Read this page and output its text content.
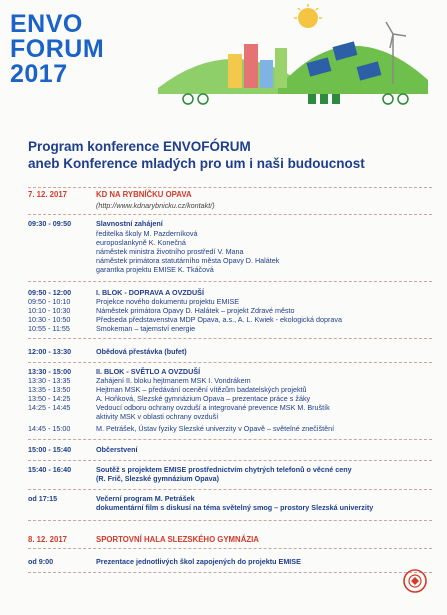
ENVO
FORUM
2017
Program konference ENVOFÓRUM
aneb Konference mladých pro um i naši budoucnost
7. 12. 2017	KD NA RYBNÍČKU OPAVA
(http://www.kdnarybnicku.cz/kontakt/)
09:30 - 09:50	Slavnostní zahájení
ředitelka školy M. Pazderníková
europoslankyně K. Konečná
náměstek ministra životního prostředí V. Mana
náměstek primátora statutárního města Opavy D. Halátek
garantka projektu EMISE K. Tkáčová
09:50 - 12:00	I. BLOK - DOPRAVA A OVZDUŠÍ
09:50 - 10:10	Projekce nového dokumentu projektu EMISE
10:10 - 10:30	Náměstek primátora Opavy D. Halátek – projekt Zdravé město
10:30 - 10:50	Předseda představenstva MDP Opava, a.s., A. L. Kwiek - ekologická doprava
10:55 - 11:55	Smokeman – tajemství energie
12:00 - 13:30	Obědová přestávka (bufet)
13:30 - 15:00	II. BLOK - SVĚTLO A OVZDUŠÍ
13:30 - 13:35	Zahájení II. bloku hejtmanem MSK I. Vondrákem
13:35 - 13:50	Hejtman MSK – předávání ocenění vítězům badatelských projektů
13:50 - 14:25	A. Hoňková, Slezské gymnázium Opava – prezentace práce s žáky
14:25 - 14:45	Vedoucí odboru ochrany ovzduší a integrované prevence MSK M. Bruštík
aktivity MSK v oblasti ochrany ovzduší
14:45 - 15:00	M. Petrášek, Ústav fyziky Slezské univerzity v Opavě – světelné znečištění
15:00 - 15:40	Občerstvení
15:40 - 16:40	Soutěž s projektem EMISE prostřednictvím chytrých telefonů o věcné ceny
(R. Frič, Slezské gymnázium Opava)
od 17:15	Večerní program M. Petrášek
dokumentární film s diskusí na téma světelný smog – prostory Slezská univerzity
8. 12. 2017	SPORTOVNÍ HALA SLEZSKÉHO GYMNÁZIA
od 9:00	Prezentace jednotlivých škol zapojených do projektu EMISE
